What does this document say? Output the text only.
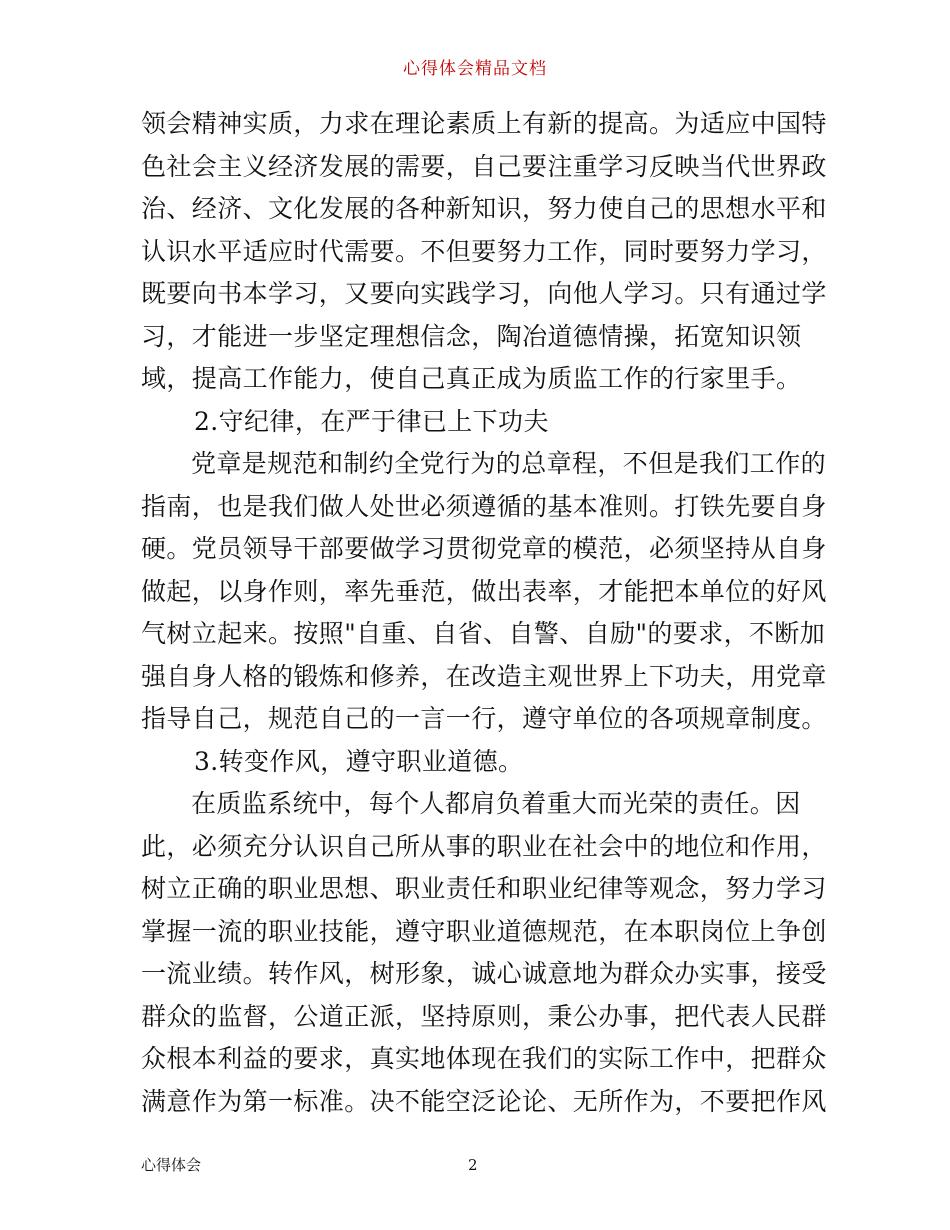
心得体会精品文档
领会精神实质，力求在理论素质上有新的提高。为适应中国特
色社会主义经济发展的需要，自己要注重学习反映当代世界政
治、经济、文化发展的各种新知识，努力使自己的思想水平和
认识水平适应时代需要。不但要努力工作，同时要努力学习，
既要向书本学习，又要向实践学习，向他人学习。只有通过学
习，才能进一步坚定理想信念，陶冶道德情操，拓宽知识领
域，提高工作能力，使自己真正成为质监工作的行家里手。
2.守纪律，在严于律已上下功夫
党章是规范和制约全党行为的总章程，不但是我们工作的
指南，也是我们做人处世必须遵循的基本准则。打铁先要自身
硬。党员领导干部要做学习贯彻党章的模范，必须坚持从自身
做起，以身作则，率先垂范，做出表率，才能把本单位的好风
气树立起来。按照"自重、自省、自警、自励"的要求，不断加
强自身人格的锻炼和修养，在改造主观世界上下功夫，用党章
指导自己，规范自己的一言一行，遵守单位的各项规章制度。
3.转变作风，遵守职业道德。
在质监系统中，每个人都肩负着重大而光荣的责任。因
此，必须充分认识自己所从事的职业在社会中的地位和作用，
树立正确的职业思想、职业责任和职业纪律等观念，努力学习
掌握一流的职业技能，遵守职业道德规范，在本职岗位上争创
一流业绩。转作风，树形象，诚心诚意地为群众办实事，接受
群众的监督，公道正派，坚持原则，秉公办事，把代表人民群
众根本利益的要求，真实地体现在我们的实际工作中，把群众
满意作为第一标准。决不能空泛论论、无所作为，不要把作风
心得体会	2
